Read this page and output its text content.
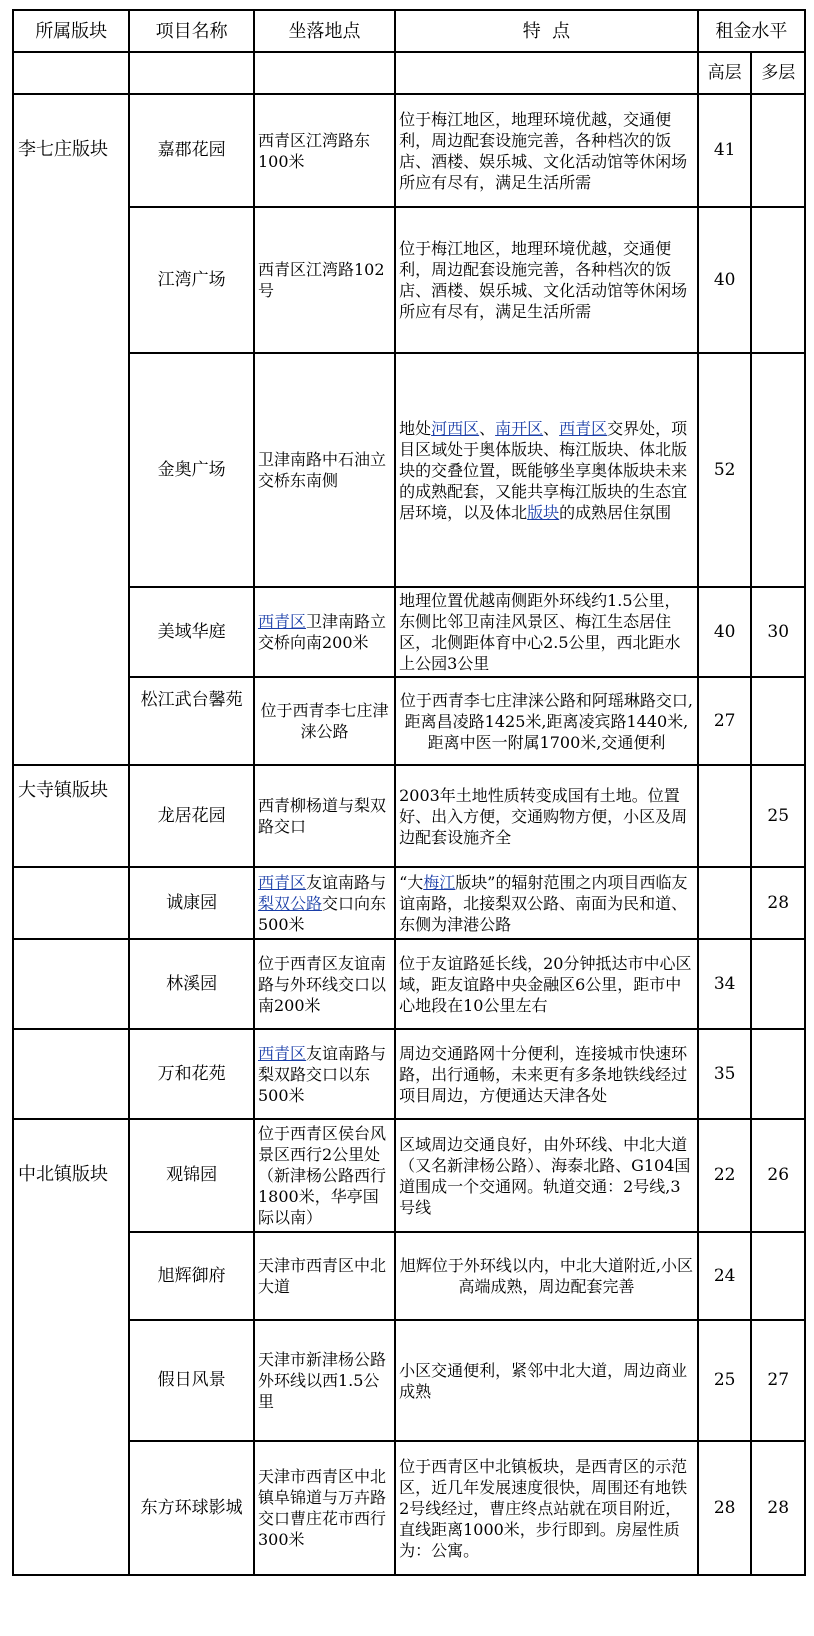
所属版块	项目名称	坐落地点	特  点	租金水平	
				高层	多层
李七庄版块	嘉郡花园	西青区江湾路东100米	位于梅江地区，地理环境优越，交通便利，周边配套设施完善，各种档次的饭店、酒楼、娱乐城、文化活动馆等休闲场所应有尽有，满足生活所需	41	
	江湾广场	西青区江湾路102号	位于梅江地区，地理环境优越，交通便利，周边配套设施完善，各种档次的饭店、酒楼、娱乐城、文化活动馆等休闲场所应有尽有，满足生活所需	40	
	金奥广场	卫津南路中石油立交桥东南侧	地处河西区、南开区、西青区交界处，项目区域处于奥体版块、梅江版块、体北版块的交叠位置，既能够坐享奥体版块未来的成熟配套，又能共享梅江版块的生态宜居环境，以及体北版块的成熟居住氛围	52	
	美域华庭	西青区卫津南路立交桥向南200米	地理位置优越南侧距外环线约1.5公里，东侧比邻卫南洼风景区、梅江生态居住区，北侧距体育中心2.5公里，西北距水上公园3公里	40	30
	松江武台馨苑	位于西青李七庄津涞公路	位于西青李七庄津涞公路和阿瑶琳路交口,距离昌凌路1425米,距离凌宾路1440米,距离中医一附属1700米,交通便利	27	
大寺镇版块	龙居花园	西青柳杨道与梨双路交口	2003年土地性质转变成国有土地。位置好、出入方便，交通购物方便，小区及周边配套设施齐全		25
	诚康园	西青区友谊南路与梨双公路交口向东500米	“大梅江版块”的辐射范围之内项目西临友谊南路，北接梨双公路、南面为民和道、东侧为津港公路		28
	林溪园	位于西青区友谊南路与外环线交口以南200米	位于友谊路延长线，20分钟抵达市中心区域，距友谊路中央金融区6公里，距市中心地段在10公里左右	34	
	万和花苑	西青区友谊南路与梨双路交口以东500米	周边交通路网十分便利，连接城市快速环路，出行通畅，未来更有多条地铁线经过项目周边，方便通达天津各处	35	
中北镇版块	观锦园	位于西青区侯台风景区西行2公里处（新津杨公路西行1800米，华亭国际以南）	区域周边交通良好，由外环线、中北大道（又名新津杨公路）、海泰北路、G104国道围成一个交通网。轨道交通：2号线,3号线	22	26
	旭辉御府	天津市西青区中北大道	旭辉位于外环线以内，中北大道附近,小区高端成熟，周边配套完善	24	
	假日风景	天津市新津杨公路外环线以西1.5公里	小区交通便利，紧邻中北大道，周边商业成熟	25	27
	东方环球影城	天津市西青区中北镇阜锦道与万卉路交口曹庄花市西行300米	位于西青区中北镇板块，是西青区的示范区，近几年发展速度很快，周围还有地铁2号线经过，曹庄终点站就在项目附近，直线距离1000米，步行即到。房屋性质为：公寓。	28	28
